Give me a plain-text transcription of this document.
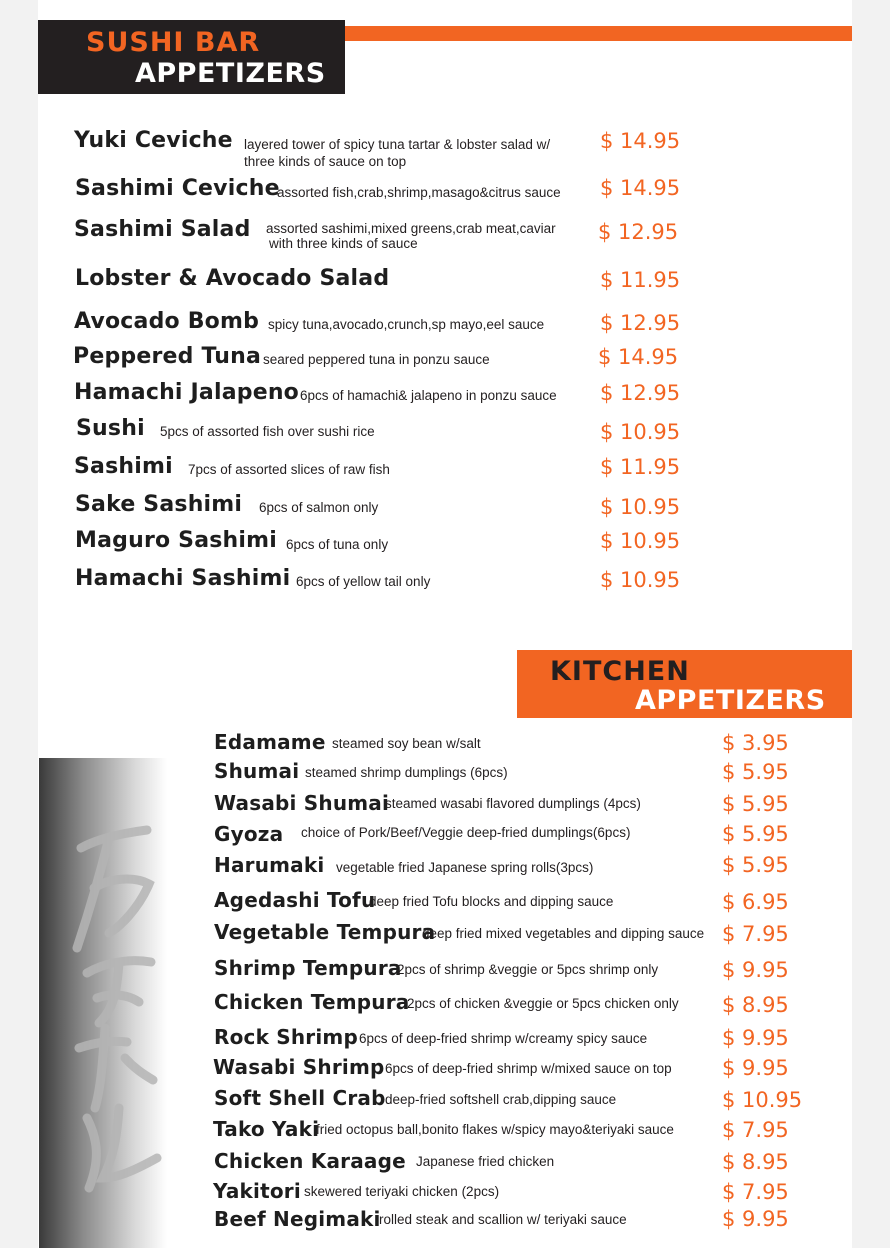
SUSHI BAR
APPETIZERS
Yuki Ceviche layered tower of spicy tuna tartar & lobster salad w/
three kinds of sauce on top
$ 14.95
Sashimi Ceviche
assorted fish,crab,shrimp,masago&citrus sauce $ 14.95
Sashimi Salad assorted sashimi,mixed greens,crab meat,caviar
with three kinds of sauce	$ 12.95
Lobster & Avocado Salad	$ 11.95
Avocado Bomb spicy tuna,avocado,crunch,sp mayo,eel sauce	$ 12.95
Peppered Tuna seared peppered tuna in ponzu sauce	$ 14.95
Hamachi Jalapeno 6pcs of hamachi& jalapeno in ponzu sauce $ 12.95
Sushi 5pcs of assorted fish over sushi rice	$ 10.95
Sashimi 7pcs of assorted slices of raw fish	$ 11.95
Sake Sashimi 6pcs of salmon only	$ 10.95
Maguro Sashimi 6pcs of tuna only	$ 10.95
Hamachi Sashimi 6pcs of yellow tail only	$ 10.95
KITCHEN
APPETIZERS
Edamame steamed soy bean w/salt	$ 3.95
Shumai steamed shrimp dumplings (6pcs)	$ 5.95
Wasabi Shumai
steamed wasabi flavored dumplings (4pcs)	$ 5.95
Gyoza choice of Pork/Beef/Veggie deep-fried dumplings(6pcs)	$ 5.95
Harumaki vegetable fried Japanese spring rolls(3pcs)	$ 5.95
Agedashi Tofu
deep fried Tofu blocks and dipping sauce	$ 6.95
Vegetable Tempura
deep fried mixed vegetables and dipping sauce $ 7.95
Shrimp Tempura
2pcs of shrimp &veggie or 5pcs shrimp only	$ 9.95
Chicken Tempura
2pcs of chicken &veggie or 5pcs chicken only $ 8.95
Rock Shrimp 6pcs of deep-fried shrimp w/creamy spicy sauce	$ 9.95
Wasabi Shrimp 6pcs of deep-fried shrimp w/mixed sauce on top $ 9.95
Soft Shell Crab deep-fried softshell crab,dipping sauce	$ 10.95
Tako Yaki
fried octopus ball,bonito flakes w/spicy mayo&teriyaki sauce $ 7.95
Chicken Karaage Japanese fried chicken	$ 8.95
Yakitori skewered teriyaki chicken (2pcs)	$ 7.95
Beef Negimaki
rolled steak and scallion w/ teriyaki sauce	$ 9.95
